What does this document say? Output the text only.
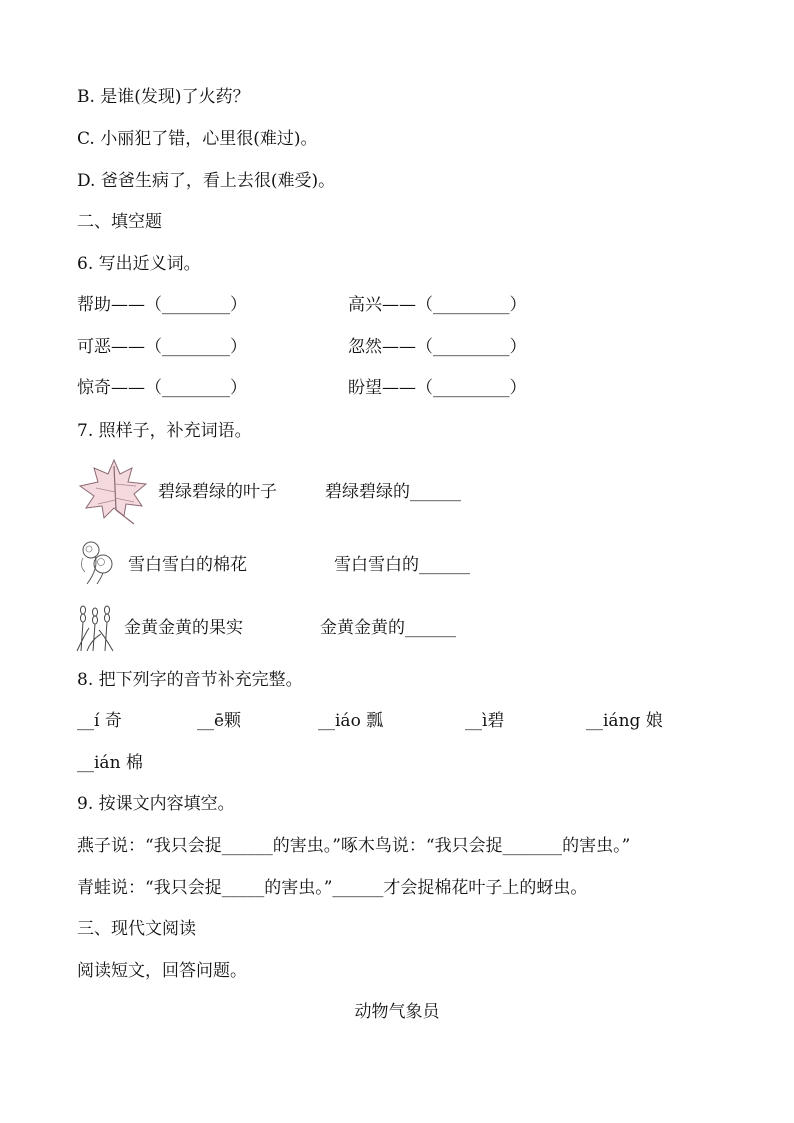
B. 是谁(发现)了火药？
C. 小丽犯了错，心里很(难过)。
D. 爸爸生病了，看上去很(难受)。
二、填空题
6. 写出近义词。
帮助——（________）	高兴——（_________）
可恶——（________）	忽然——（_________）
惊奇——（________）	盼望——（_________）
7. 照样子，补充词语。
碧绿碧绿的叶子	碧绿碧绿的______
雪白雪白的棉花	雪白雪白的______
金黄金黄的果实	金黄金黄的______
8. 把下列字的音节补充完整。
__í 奇	__ē颗	__iáo 瓢	__ì碧	__iáng 娘
__ián 棉
9. 按课文内容填空。
燕子说：“我只会捉______的害虫。”啄木鸟说：“我只会捉_______的害虫。”
青蛙说：“我只会捉_____的害虫。”______才会捉棉花叶子上的蚜虫。
三、现代文阅读
阅读短文，回答问题。
动物气象员
